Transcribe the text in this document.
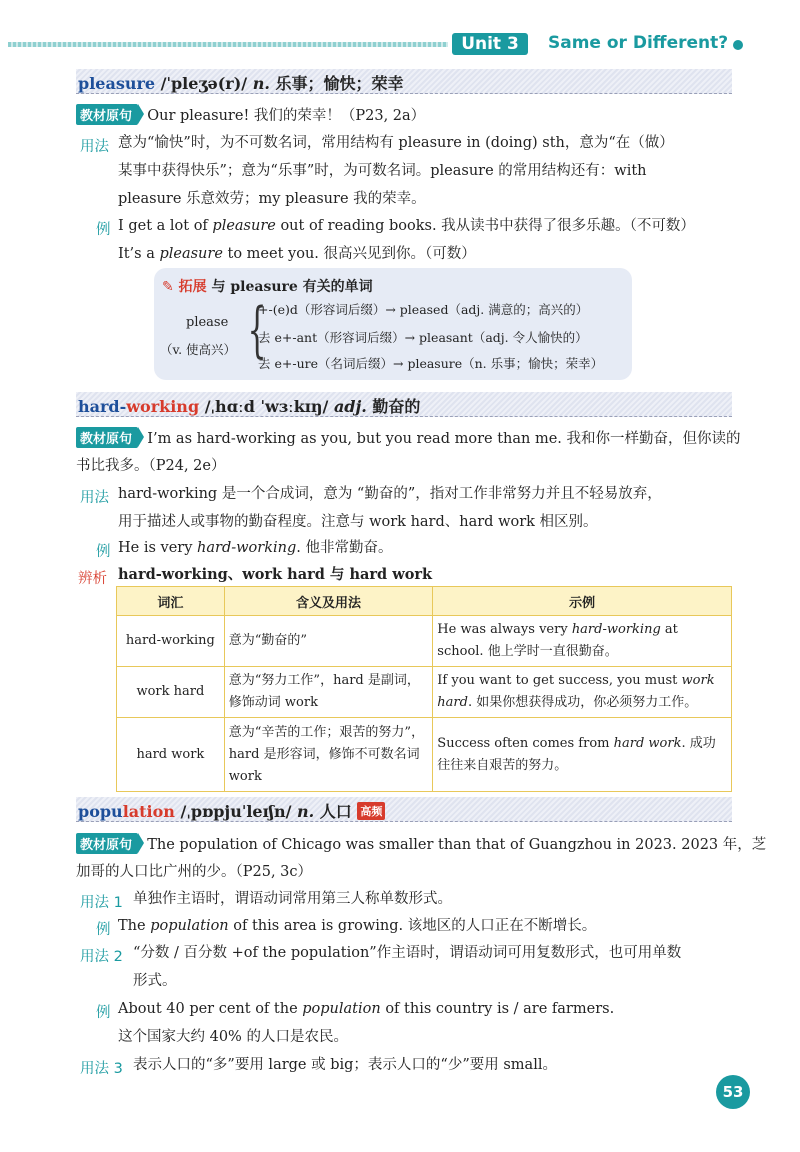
Unit 3	Same or Different?
pleasure /ˈpleʒə(r)/ n. 乐事；愉快；荣幸
教材原句  Our pleasure! 我们的荣幸！（P23, 2a）
用法 意为“愉快”时，为不可数名词，常用结构有 pleasure in (doing) sth，意为“在（做）
某事中获得快乐”；意为“乐事”时，为可数名词。pleasure 的常用结构还有：with
pleasure 乐意效劳；my pleasure 我的荣幸。
例 I get a lot of pleasure out of reading books. 我从读书中获得了很多乐趣。（不可数）
It’s a pleasure to meet you. 很高兴见到你。（可数）
✎ 拓展 与 pleasure 有关的单词
please
（v. 使高兴）
+-(e)d（形容词后缀）→ pleased（adj. 满意的；高兴的）
去 e+-ant（形容词后缀）→ pleasant（adj. 令人愉快的）
去 e+-ure（名词后缀）→ pleasure（n. 乐事；愉快；荣幸）
{
hard-working /ˌhɑːd ˈwɜːkɪŋ/ adj. 勤奋的
教材原句  I’m as hard-working as you, but you read more than me. 我和你一样勤奋，但你读的
书比我多。（P24, 2e）
用法 hard-working 是一个合成词，意为 “勤奋的”，指对工作非常努力并且不轻易放弃，
用于描述人或事物的勤奋程度。注意与 work hard、hard work 相区别。
例 He is very hard-working. 他非常勤奋。
辨析 hard-working、work hard 与 hard work
词汇	含义及用法	示例
hard-working	意为“勤奋的”	He was always very hard-working at school. 他上学时一直很勤奋。
work hard	意为“努力工作”，hard 是副词，修饰动词 work	If you want to get success, you must work hard. 如果你想获得成功，你必须努力工作。
hard work	意为“辛苦的工作；艰苦的努力”，hard 是形容词，修饰不可数名词 work	Success often comes from hard work. 成功往往来自艰苦的努力。
population /ˌpɒpjuˈleɪʃn/ n. 人口 高频
教材原句  The population of Chicago was smaller than that of Guangzhou in 2023. 2023 年，芝
加哥的人口比广州的少。（P25, 3c）
用法 1 单独作主语时，谓语动词常用第三人称单数形式。
例 The population of this area is growing. 该地区的人口正在不断增长。
用法 2 “分数 / 百分数 +of the population”作主语时，谓语动词可用复数形式，也可用单数
形式。
例 About 40 per cent of the population of this country is / are farmers.
这个国家大约 40% 的人口是农民。
用法 3 表示人口的“多”要用 large 或 big；表示人口的“少”要用 small。
53
